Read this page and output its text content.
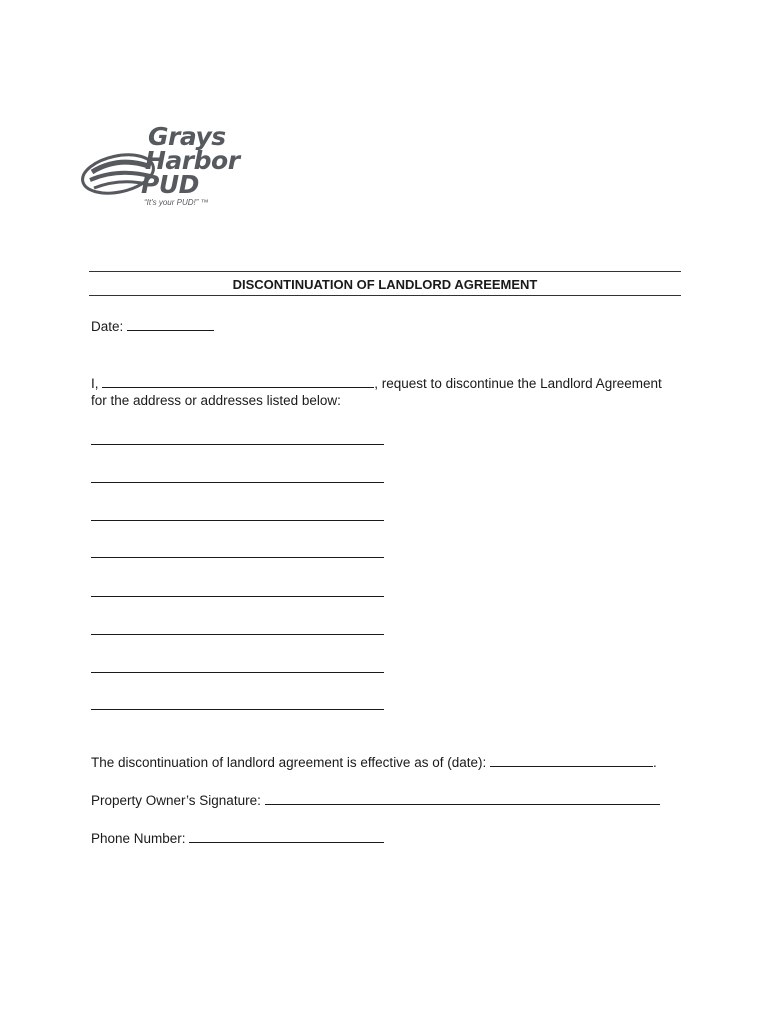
Grays
Harbor
PUD
“It's your PUD!” ™
DISCONTINUATION OF LANDLORD AGREEMENT
Date:
I,	, request to discontinue the Landlord Agreement
for the address or addresses listed below:
The discontinuation of landlord agreement is effective as of (date):	.
Property Owner’s Signature:
Phone Number:
